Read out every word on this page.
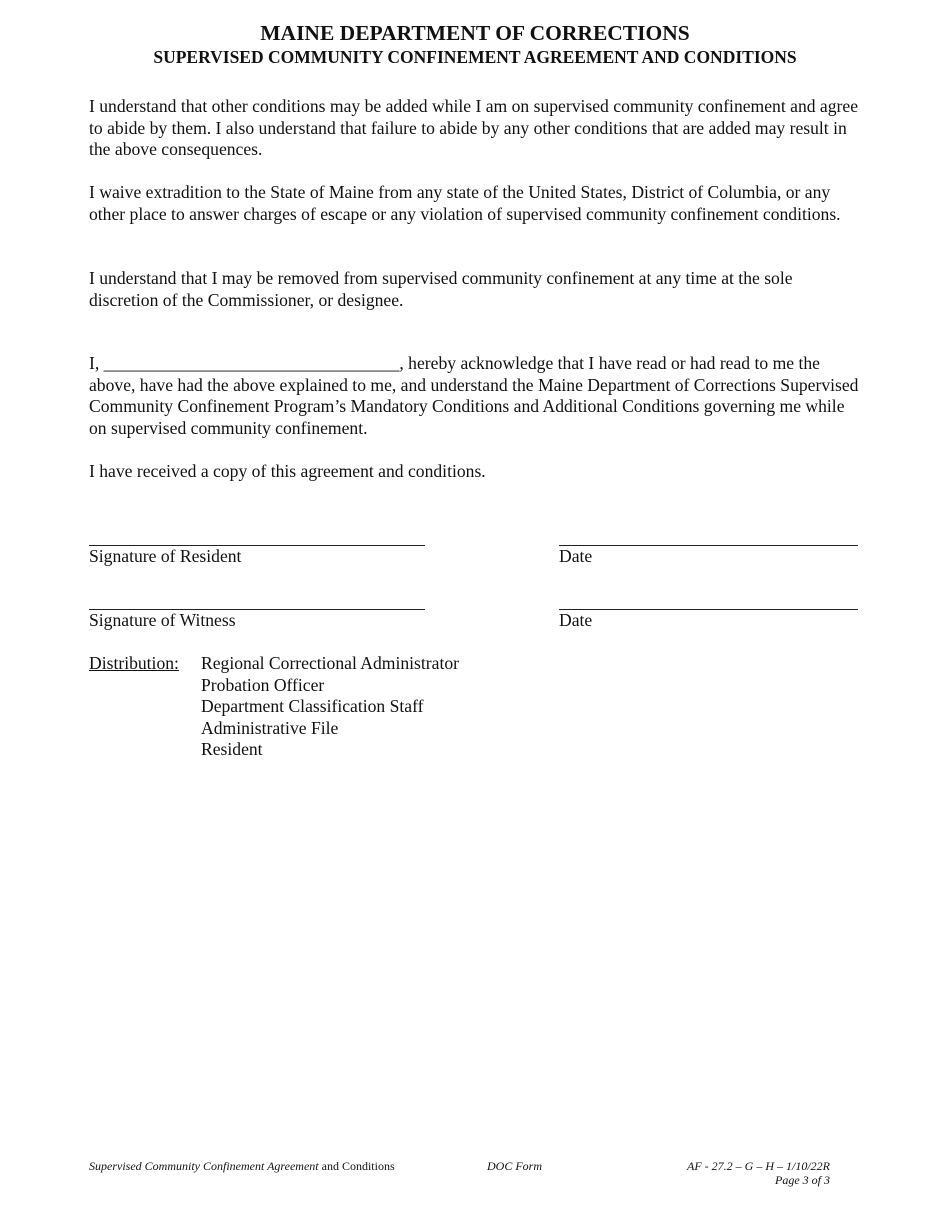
MAINE DEPARTMENT OF CORRECTIONS
SUPERVISED COMMUNITY CONFINEMENT AGREEMENT AND CONDITIONS

I understand that other conditions may be added while I am on supervised community confinement and agree to abide by them. I also understand that failure to abide by any other conditions that are added may result in the above consequences.

I waive extradition to the State of Maine from any state of the United States, District of Columbia, or any other place to answer charges of escape or any violation of supervised community confinement conditions.

I understand that I may be removed from supervised community confinement at any time at the sole discretion of the Commissioner, or designee.

I, __________________________________, hereby acknowledge that I have read or had read to me the above, have had the above explained to me, and understand the Maine Department of Corrections Supervised Community Confinement Program’s Mandatory Conditions and Additional Conditions governing me while on supervised community confinement.

I have received a copy of this agreement and conditions.

Signature of Resident	Date
Signature of Witness	Date
Distribution: Regional Correctional Administrator
Probation Officer
Department Classification Staff
Administrative File
Resident
Supervised Community Confinement Agreement and Conditions	DOC Form	AF - 27.2 – G – H – 1/10/22R
Page 3 of 3
